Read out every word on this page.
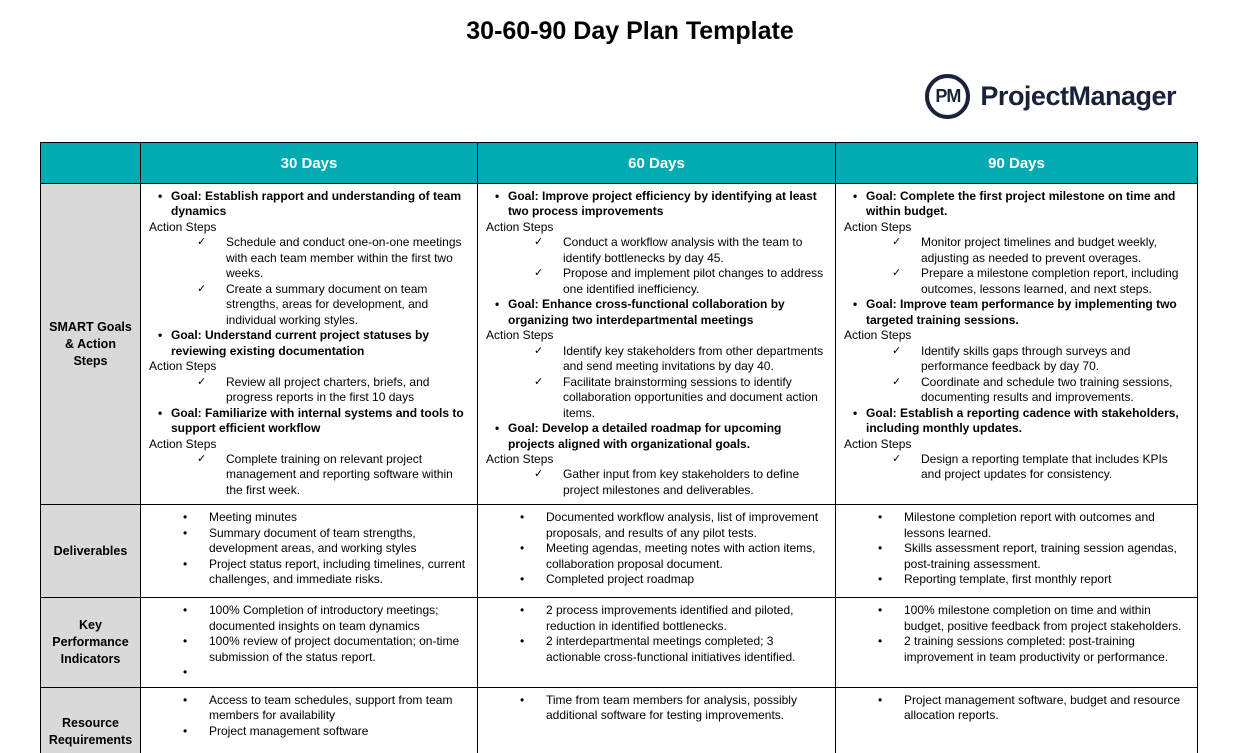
30-60-90 Day Plan Template
PM ProjectManager
	30 Days	60 Days	90 Days
SMART Goals & Action Steps	
• Goal: Establish rapport and understanding of team dynamics
Action Steps
✓	Schedule and conduct one-on-one meetings with each team member within the first two weeks.
✓	Create a summary document on team strengths, areas for development, and individual working styles.
• Goal: Understand current project statuses by reviewing existing documentation
Action Steps
✓	Review all project charters, briefs, and progress reports in the first 10 days
• Goal: Familiarize with internal systems and tools to support efficient workflow
Action Steps
✓	Complete training on relevant project management and reporting software within the first week.

• Goal: Improve project efficiency by identifying at least two process improvements
Action Steps
✓	Conduct a workflow analysis with the team to identify bottlenecks by day 45.
✓	Propose and implement pilot changes to address one identified inefficiency.
• Goal: Enhance cross-functional collaboration by organizing two interdepartmental meetings
Action Steps
✓	Identify key stakeholders from other departments and send meeting invitations by day 40.
✓	Facilitate brainstorming sessions to identify collaboration opportunities and document action items.
• Goal: Develop a detailed roadmap for upcoming projects aligned with organizational goals.
Action Steps
✓	Gather input from key stakeholders to define project milestones and deliverables.

• Goal: Complete the first project milestone on time and within budget.
Action Steps
✓	Monitor project timelines and budget weekly, adjusting as needed to prevent overages.
✓	Prepare a milestone completion report, including outcomes, lessons learned, and next steps.
• Goal: Improve team performance by implementing two targeted training sessions.
Action Steps
✓	Identify skills gaps through surveys and performance feedback by day 70.
✓	Coordinate and schedule two training sessions, documenting results and improvements.
• Goal: Establish a reporting cadence with stakeholders, including monthly updates.
Action Steps
✓	Design a reporting template that includes KPIs and project updates for consistency.

Deliverables	
•	Meeting minutes
•	Summary document of team strengths, development areas, and working styles
•	Project status report, including timelines, current challenges, and immediate risks.

•	Documented workflow analysis, list of improvement proposals, and results of any pilot tests.
•	Meeting agendas, meeting notes with action items, collaboration proposal document.
•	Completed project roadmap

•	Milestone completion report with outcomes and lessons learned.
•	Skills assessment report, training session agendas, post-training assessment.
•	Reporting template, first monthly report

Key Performance Indicators	
•	100% Completion of introductory meetings; documented insights on team dynamics
•	100% review of project documentation; on-time submission of the status report.
•

•	2 process improvements identified and piloted, reduction in identified bottlenecks.
•	2 interdepartmental meetings completed; 3 actionable cross-functional initiatives identified.

•	100% milestone completion on time and within budget, positive feedback from project stakeholders.
•	2 training sessions completed: post-training improvement in team productivity or performance.

Resource Requirements	
•	Access to team schedules, support from team members for availability
•	Project management software

•	Time from team members for analysis, possibly additional software for testing improvements.

•	Project management software, budget and resource allocation reports.
